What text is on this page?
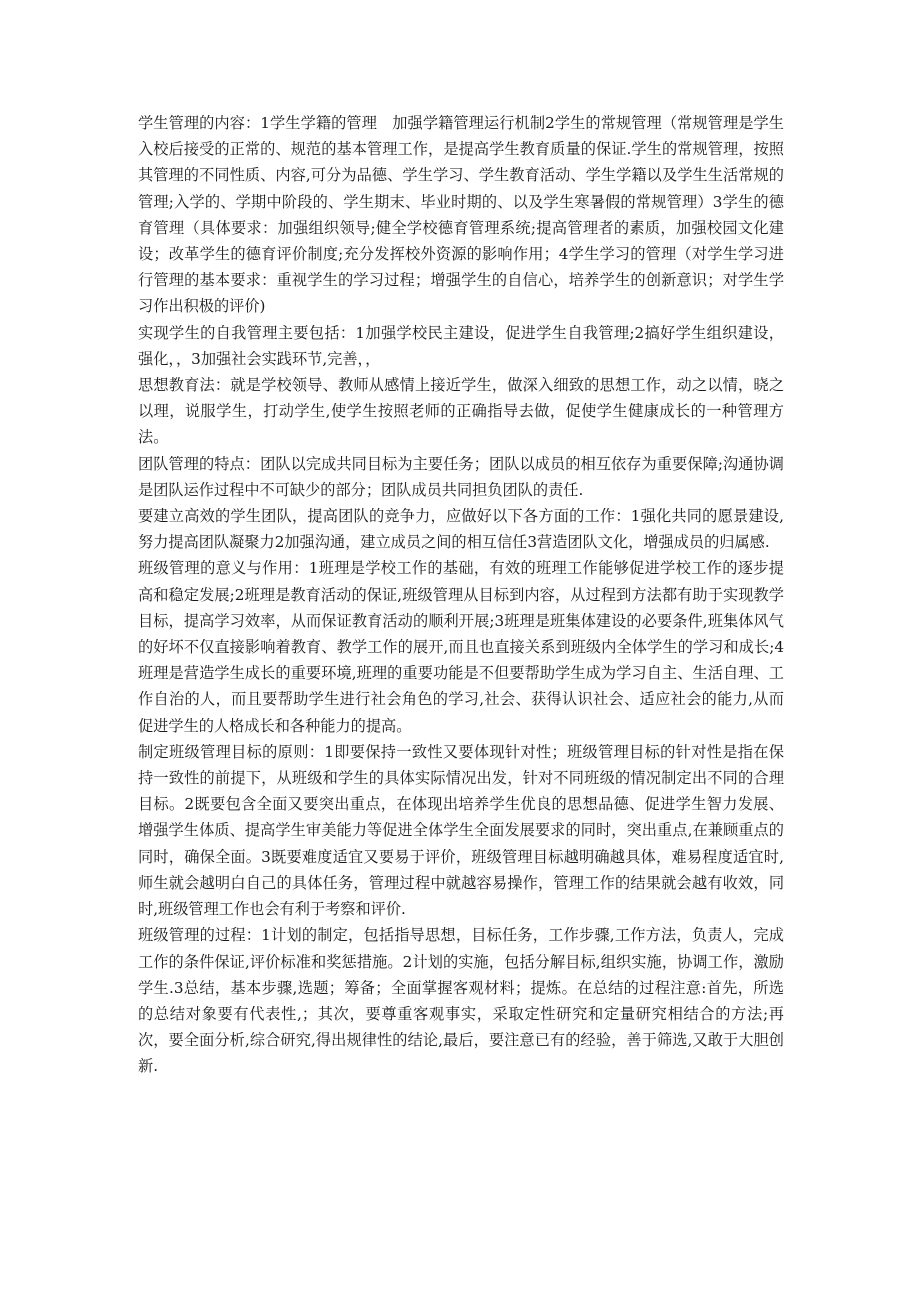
学生管理的内容：1学生学籍的管理　加强学籍管理运行机制2学生的常规管理（常规管理是学生入校后接受的正常的、规范的基本管理工作，是提高学生教育质量的保证.学生的常规管理，按照其管理的不同性质、内容,可分为品德、学生学习、学生教育活动、学生学籍以及学生生活常规的管理;入学的、学期中阶段的、学生期末、毕业时期的、以及学生寒暑假的常规管理）3学生的德育管理（具体要求：加强组织领导;健全学校德育管理系统;提高管理者的素质，加强校园文化建设；改革学生的德育评价制度;充分发挥校外资源的影响作用；4学生学习的管理（对学生学习进行管理的基本要求：重视学生的学习过程；增强学生的自信心，培养学生的创新意识；对学生学习作出积极的评价)

实现学生的自我管理主要包括：1加强学校民主建设，促进学生自我管理;2搞好学生组织建设，强化，，3加强社会实践环节,完善，，

思想教育法：就是学校领导、教师从感情上接近学生，做深入细致的思想工作，动之以情，晓之以理，说服学生，打动学生,使学生按照老师的正确指导去做，促使学生健康成长的一种管理方法。

团队管理的特点：团队以完成共同目标为主要任务；团队以成员的相互依存为重要保障;沟通协调是团队运作过程中不可缺少的部分；团队成员共同担负团队的责任.

要建立高效的学生团队，提高团队的竞争力，应做好以下各方面的工作：1强化共同的愿景建设,努力提高团队凝聚力2加强沟通，建立成员之间的相互信任3营造团队文化，增强成员的归属感.

班级管理的意义与作用：1班理是学校工作的基础，有效的班理工作能够促进学校工作的逐步提高和稳定发展;2班理是教育活动的保证,班级管理从目标到内容，从过程到方法都有助于实现教学目标，提高学习效率，从而保证教育活动的顺利开展;3班理是班集体建设的必要条件,班集体风气的好坏不仅直接影响着教育、教学工作的展开,而且也直接关系到班级内全体学生的学习和成长;4班理是营造学生成长的重要环境,班理的重要功能是不但要帮助学生成为学习自主、生活自理、工作自治的人，而且要帮助学生进行社会角色的学习,社会、获得认识社会、适应社会的能力,从而促进学生的人格成长和各种能力的提高。

制定班级管理目标的原则：1即要保持一致性又要体现针对性；班级管理目标的针对性是指在保持一致性的前提下，从班级和学生的具体实际情况出发，针对不同班级的情况制定出不同的合理目标。2既要包含全面又要突出重点，在体现出培养学生优良的思想品德、促进学生智力发展、增强学生体质、提高学生审美能力等促进全体学生全面发展要求的同时，突出重点,在兼顾重点的同时，确保全面。3既要难度适宜又要易于评价，班级管理目标越明确越具体，难易程度适宜时,师生就会越明白自己的具体任务，管理过程中就越容易操作，管理工作的结果就会越有收效，同时,班级管理工作也会有利于考察和评价.

班级管理的过程：1计划的制定，包括指导思想，目标任务，工作步骤,工作方法，负责人，完成工作的条件保证,评价标准和奖惩措施。2计划的实施，包括分解目标,组织实施，协调工作，激励学生.3总结，基本步骤,选题；筹备；全面掌握客观材料；提炼。在总结的过程注意:首先，所选的总结对象要有代表性,；其次，要尊重客观事实，采取定性研究和定量研究相结合的方法;再次，要全面分析,综合研究,得出规律性的结论,最后，要注意已有的经验，善于筛选,又敢于大胆创新.
